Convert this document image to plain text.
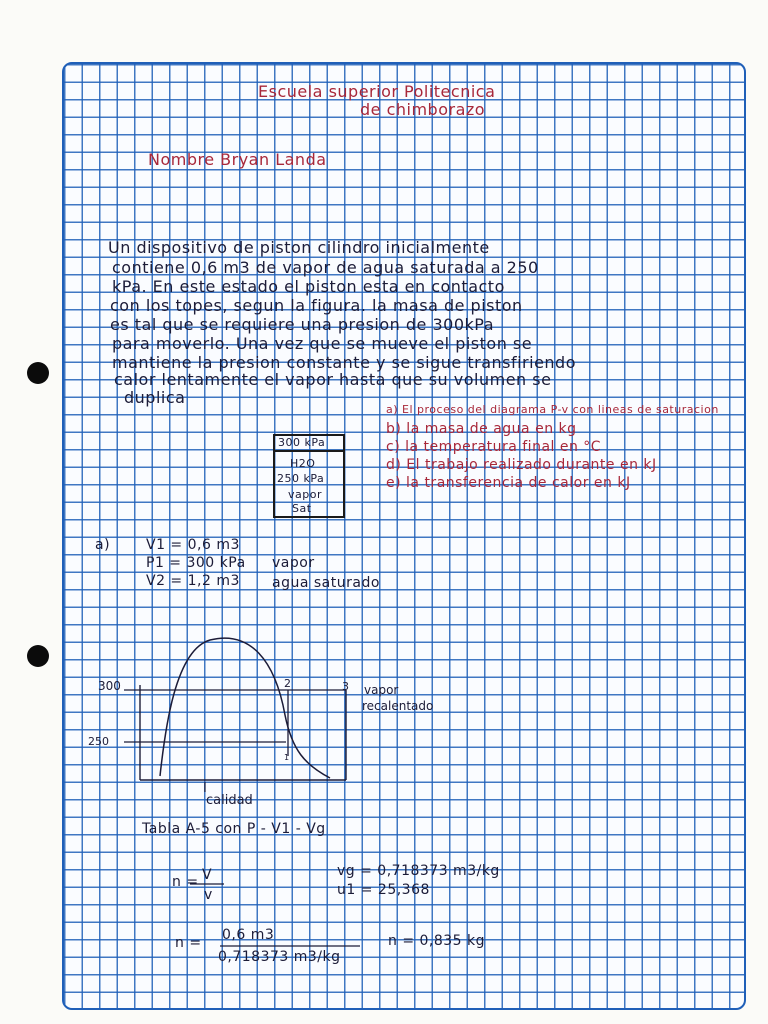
Escuela superior Politecnica

de chimborazo

Nombre Bryan Landa

Un dispositivo de piston cilindro inicialmente

contiene 0,6 m3 de vapor de agua saturada a 250

kPa. En este estado el piston esta en contacto

con los topes, segun la figura. la masa de piston

es tal que se requiere una presion de 300kPa

para moverlo. Una vez que se mueve el piston se

mantiene la presion constante y se sigue transfiriendo

calor lentamente el vapor hasta que su volumen se

duplica

a) El proceso del diagrama P-v con lineas de saturacion

b) la masa de agua en kg

c) la temperatura final en °C

d) El trabajo realizado durante en kJ

e) la transferencia de calor en kJ

300 kPa

H2O

250 kPa

vapor

Sat

a)	V1 = 0,6 m3

P1 = 300 kPa

V2 = 1,2 m3

vapor

agua saturado

300
250
1
2	3 vapor
recalentado
calidad

Tabla A-5 con P - V1 - Vg

vg = 0,718373 m3/kg

u1 = 25,368

n = V

v

n = 0,6 m3

0,718373 m3/kg

n = 0,835 kg
